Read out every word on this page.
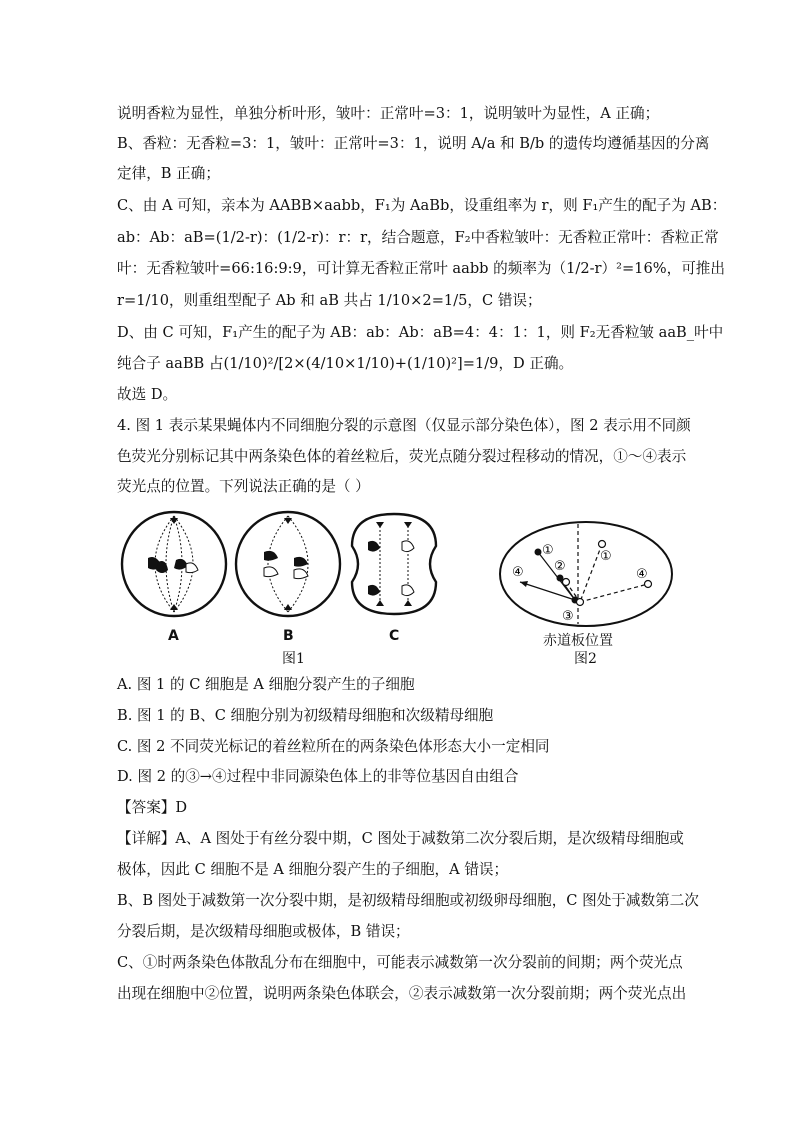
说明香粒为显性，单独分析叶形，皱叶：正常叶=3：1，说明皱叶为显性，A 正确；
B、香粒：无香粒=3：1，皱叶：正常叶=3：1，说明 A/a 和 B/b 的遗传均遵循基因的分离
定律，B 正确；
C、由 A 可知，亲本为 AABB×aabb，F₁为 AaBb，设重组率为 r，则 F₁产生的配子为 AB：
ab：Ab：aB=(1/2-r)：(1/2-r)：r：r，结合题意，F₂中香粒皱叶：无香粒正常叶：香粒正常
叶：无香粒皱叶=66:16:9:9，可计算无香粒正常叶 aabb 的频率为（1/2-r）²=16%，可推出
r=1/10，则重组型配子 Ab 和 aB 共占 1/10×2=1/5，C 错误；
D、由 C 可知，F₁产生的配子为 AB：ab：Ab：aB=4：4：1：1，则 F₂无香粒皱 aaB_叶中
纯合子 aaBB 占(1/10)²/[2×(4/10×1/10)+(1/10)²]=1/9，D 正确。
故选 D。
4. 图 1 表示某果蝇体内不同细胞分裂的示意图（仅显示部分染色体），图 2 表示用不同颜
色荧光分别标记其中两条染色体的着丝粒后，荧光点随分裂过程移动的情况，①～④表示
荧光点的位置。下列说法正确的是（ ）
A	B	C
图1
①
②
③
④
①
④
赤道板位置
图2
A. 图 1 的 C 细胞是 A 细胞分裂产生的子细胞
B. 图 1 的 B、C 细胞分别为初级精母细胞和次级精母细胞
C. 图 2 不同荧光标记的着丝粒所在的两条染色体形态大小一定相同
D. 图 2 的③→④过程中非同源染色体上的非等位基因自由组合
【答案】D
【详解】A、A 图处于有丝分裂中期，C 图处于减数第二次分裂后期，是次级精母细胞或
极体，因此 C 细胞不是 A 细胞分裂产生的子细胞，A 错误；
B、B 图处于减数第一次分裂中期，是初级精母细胞或初级卵母细胞，C 图处于减数第二次
分裂后期，是次级精母细胞或极体，B 错误；
C、①时两条染色体散乱分布在细胞中，可能表示减数第一次分裂前的间期；两个荧光点
出现在细胞中②位置，说明两条染色体联会，②表示减数第一次分裂前期；两个荧光点出
